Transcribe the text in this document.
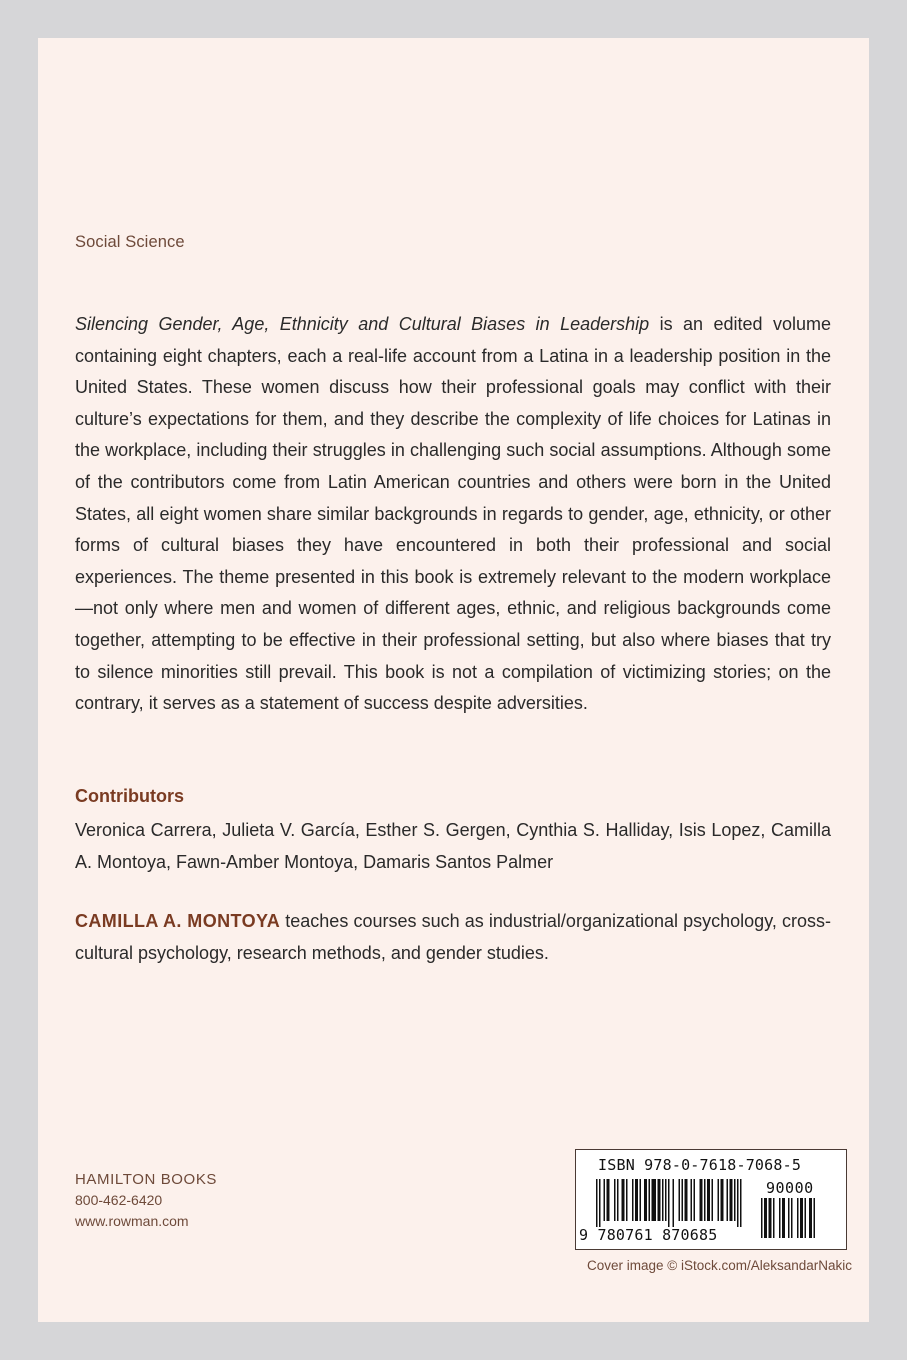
Social Science

Silencing Gender, Age, Ethnicity and Cultural Biases in Leadership is an edited volume containing eight chapters, each a real-life account from a Latina in a leadership position in the United States. These women discuss how their professional goals may conflict with their culture’s expectations for them, and they describe the complexity of life choices for Latinas in the workplace, including their struggles in challenging such social assumptions. Although some of the contributors come from Latin American countries and others were born in the United States, all eight women share similar backgrounds in regards to gender, age, ethnicity, or other forms of cultural biases they have encountered in both their professional and social experiences. The theme presented in this book is extremely relevant to the modern workplace—not only where men and women of different ages, ethnic, and religious backgrounds come together, attempting to be effective in their professional setting, but also where biases that try to silence minorities still prevail. This book is not a compilation of victimizing stories; on the contrary, it serves as a statement of success despite adversities.

Contributors

Veronica Carrera, Julieta V. García, Esther S. Gergen, Cynthia S. Halliday, Isis Lopez, Camilla A. Montoya, Fawn-Amber Montoya, Damaris Santos Palmer

CAMILLA A. MONTOYA teaches courses such as industrial/organizational psychology, cross-cultural psychology, research methods, and gender studies.

HAMILTON BOOKS
800-462-6420
www.rowman.com
ISBN 978-0-7618-7068-5
90000
9 780761 870685
Cover image © iStock.com/AleksandarNakic
